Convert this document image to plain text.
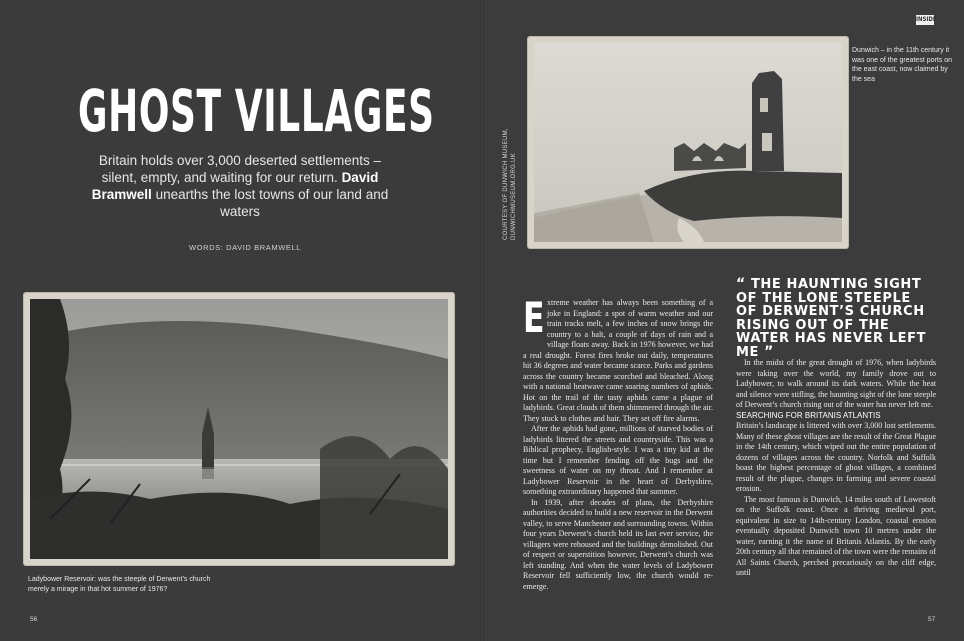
INSIDE
GHOST VILLAGES
Britain holds over 3,000 deserted settlements – silent, empty, and waiting for our return. David Bramwell unearths the lost towns of our land and waters
WORDS: DAVID BRAMWELL
Ladybower Reservoir: was the steeple of Derwent’s church merely a mirage in that hot summer of 1976?
Dunwich – in the 11th century it was one of the greatest ports on the east coast, now claimed by the sea
COURTESY OF DUNWICH MUSEUM, DUNWICHMUSEUM.ORG.UK
56	57

Extreme weather has always been something of a joke in England: a spot of warm weather and our train tracks melt, a few inches of snow brings the country to a halt, a couple of days of rain and a village floats away. Back in 1976 however, we had a real drought. Forest fires broke out daily, temperatures hit 36 degrees and water became scarce. Parks and gardens across the country became scorched and bleached. Along with a national heatwave came soaring numbers of aphids. Hot on the trail of the tasty aphids came a plague of ladybirds. Great clouds of them shimmered through the air. They stuck to clothes and hair. They set off fire alarms.

After the aphids had gone, millions of starved bodies of ladybirds littered the streets and countryside. This was a Biblical prophecy, English-style. I was a tiny kid at the time but I remember fending off the bugs and the sweetness of water on my throat. And I remember at Ladybower Reservoir in the heart of Derbyshire, something extraordinary happened that summer.

In 1939, after decades of plans, the Derbyshire authorities decided to build a new reservoir in the Derwent valley, to serve Manchester and surrounding towns. Within four years Derwent’s church held its last ever service, the villagers were rehoused and the buildings demolished. Out of respect or superstition however, Derwent’s church was left standing. And when the water levels of Ladybower Reservoir fell sufficiently low, the church would re-emerge.

“ THE HAUNTING SIGHT OF THE LONE STEEPLE OF DERWENT’S CHURCH RISING OUT OF THE WATER HAS NEVER LEFT ME ”

In the midst of the great drought of 1976, when ladybirds were taking over the world, my family drove out to Ladybower, to walk around its dark waters. While the heat and silence were stifling, the haunting sight of the lone steeple of Derwent’s church rising out of the water has never left me.

SEARCHING FOR BRITANIS ATLANTIS

Britain’s landscape is littered with over 3,000 lost settlements. Many of these ghost villages are the result of the Great Plague in the 14th century, which wiped out the entire population of dozens of villages across the country. Norfolk and Suffolk boast the highest percentage of ghost villages, a combined result of the plague, changes in farming and severe coastal erosion.

The most famous is Dunwich, 14 miles south of Lowestoft on the Suffolk coast. Once a thriving medieval port, equivalent in size to 14th-century London, coastal erosion eventually deposited Dunwich town 10 metres under the water, earning it the name of Britanis Atlantis. By the early 20th century all that remained of the town were the remains of All Saints Church, perched precariously on the cliff edge, until
